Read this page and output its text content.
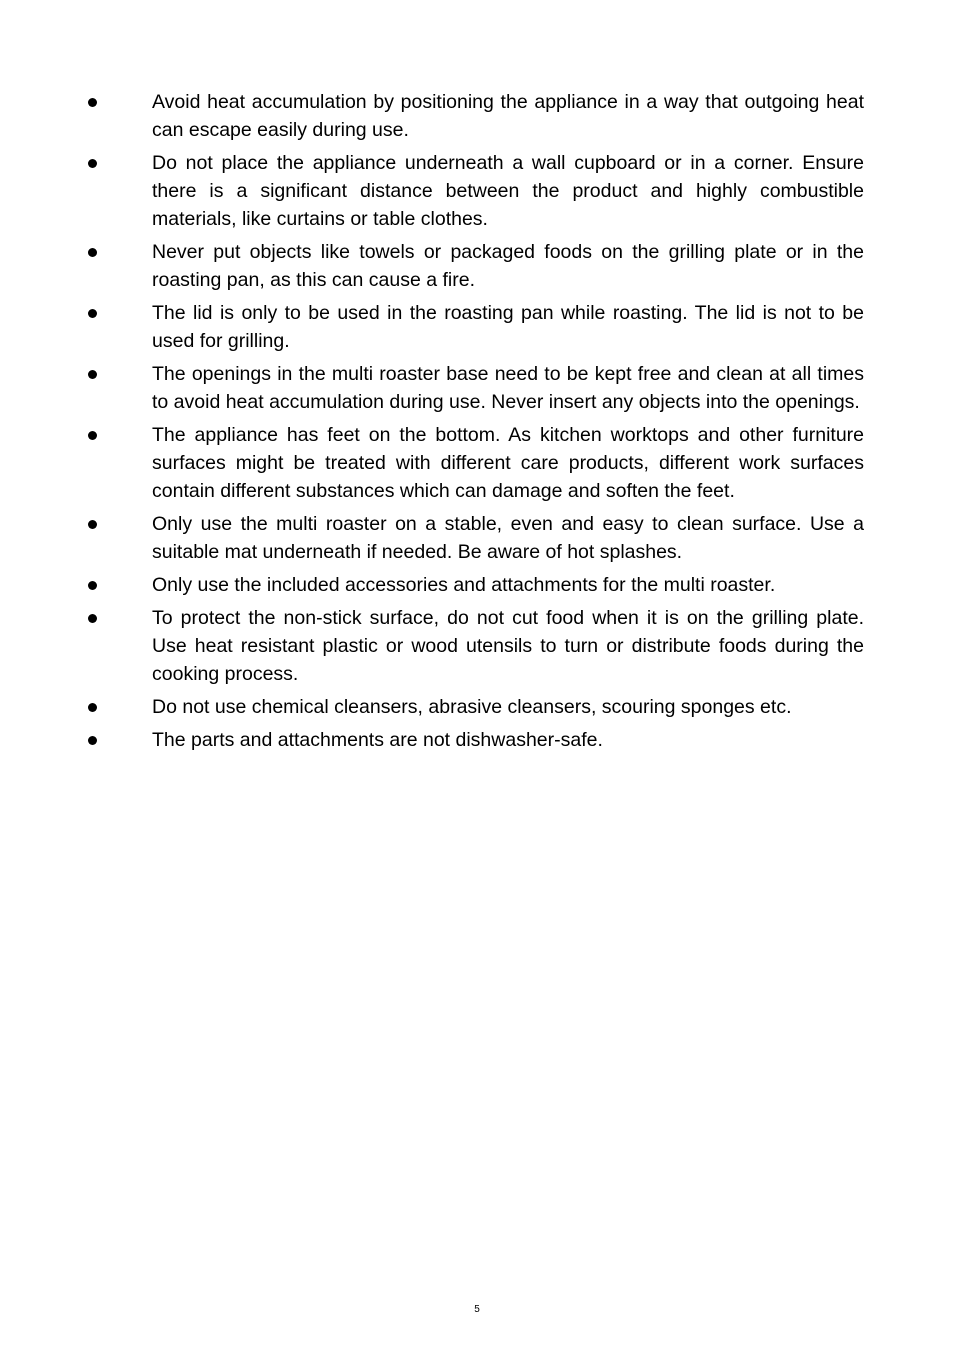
Avoid heat accumulation by positioning the appliance in a way that outgoing heat can escape easily during use.
Do not place the appliance underneath a wall cupboard or in a corner. Ensure there is a significant distance between the product and highly combustible materials, like curtains or table clothes.
Never put objects like towels or packaged foods on the grilling plate or in the roasting pan, as this can cause a fire.
The lid is only to be used in the roasting pan while roasting. The lid is not to be used for grilling.
The openings in the multi roaster base need to be kept free and clean at all times to avoid heat accumulation during use. Never insert any objects into the openings.
The appliance has feet on the bottom. As kitchen worktops and other furniture surfaces might be treated with different care products, different work surfaces contain different substances which can damage and soften the feet.
Only use the multi roaster on a stable, even and easy to clean surface. Use a suitable mat underneath if needed. Be aware of hot splashes.
Only use the included accessories and attachments for the multi roaster.
To protect the non-stick surface, do not cut food when it is on the grilling plate. Use heat resistant plastic or wood utensils to turn or distribute foods during the cooking process.
Do not use chemical cleansers, abrasive cleansers, scouring sponges etc.
The parts and attachments are not dishwasher-safe.
5
